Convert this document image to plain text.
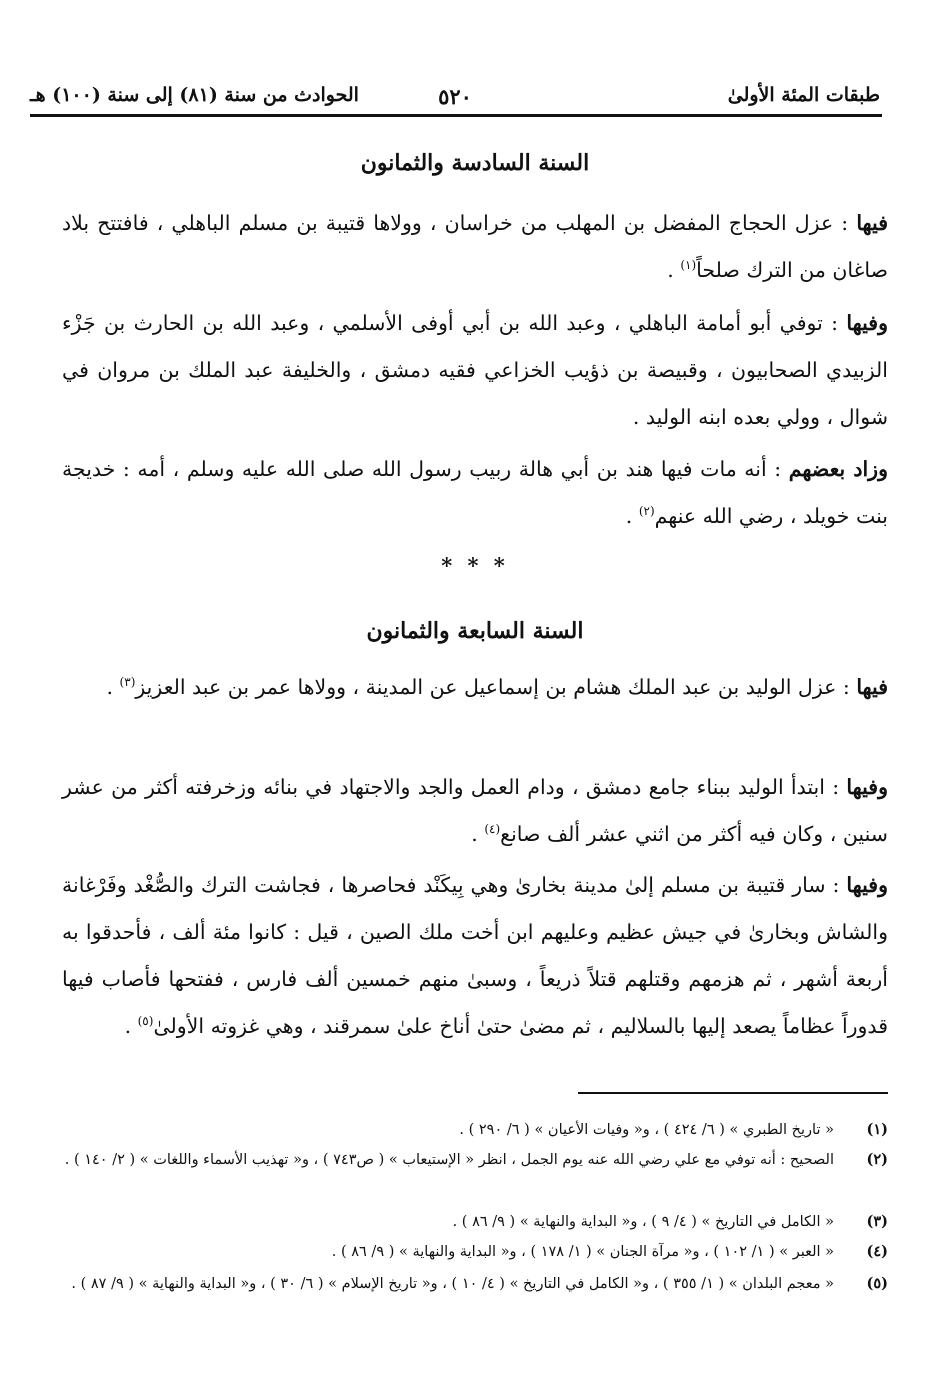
طبقات المئة الأولىٰ
٥٢٠
الحوادث من سنة (٨١) إلى سنة (١٠٠) هـ
السنة السادسة والثمانون
فيها : عزل الحجاج المفضل بن المهلب من خراسان ، وولاها قتيبة بن مسلم الباهلي ، فافتتح بلاد صاغان من الترك صلحاً$^{(١)}$ .
وفيها : توفي أبو أمامة الباهلي ، وعبد الله بن أبي أوفى الأسلمي ، وعبد الله بن الحارث بن جَزْء الزبيدي الصحابيون ، وقبيصة بن ذؤيب الخزاعي فقيه دمشق ، والخليفة عبد الملك بن مروان في شوال ، وولي بعده ابنه الوليد .
وزاد بعضهم : أنه مات فيها هند بن أبي هالة ربيب رسول الله صلى الله عليه وسلم ، أمه : خديجة بنت خويلد ، رضي الله عنهم$^{(٢)}$ .
* * *
السنة السابعة والثمانون
فيها : عزل الوليد بن عبد الملك هشام بن إسماعيل عن المدينة ، وولاها عمر بن عبد العزيز$^{(٣)}$ .
وفيها : ابتدأ الوليد ببناء جامع دمشق ، ودام العمل والجد والاجتهاد في بنائه وزخرفته أكثر من عشر سنين ، وكان فيه أكثر من اثني عشر ألف صانع$^{(٤)}$ .
وفيها : سار قتيبة بن مسلم إلىٰ مدينة بخارىٰ وهي بِيكَنْد فحاصرها ، فجاشت الترك والصُّغْد وفَرْغانة والشاش وبخارىٰ في جيش عظيم وعليهم ابن أخت ملك الصين ، قيل : كانوا مئة ألف ، فأحدقوا به أربعة أشهر ، ثم هزمهم وقتلهم قتلاً ذريعاً ، وسبىٰ منهم خمسين ألف فارس ، ففتحها فأصاب فيها قدوراً عظاماً يصعد إليها بالسلاليم ، ثم مضىٰ حتىٰ أناخ علىٰ سمرقند ، وهي غزوته الأولىٰ$^{(٥)}$ .
(١)
« تاريخ الطبري » ( ٦/ ٤٢٤ ) ، و« وفيات الأعيان » ( ٦/ ٢٩٠ ) .
(٢)
الصحيح : أنه توفي مع علي رضي الله عنه يوم الجمل ، انظر « الإستيعاب » ( ص٧٤٣ ) ، و« تهذيب الأسماء واللغات » ( ٢/ ١٤٠ ) .
(٣)
« الكامل في التاريخ » ( ٤/ ٩ ) ، و« البداية والنهاية » ( ٩/ ٨٦ ) .
(٤)
« العبر » ( ١/ ١٠٢ ) ، و« مرآة الجنان » ( ١/ ١٧٨ ) ، و« البداية والنهاية » ( ٩/ ٨٦ ) .
(٥)
« معجم البلدان » ( ١/ ٣٥٥ ) ، و« الكامل في التاريخ » ( ٤/ ١٠ ) ، و« تاريخ الإسلام » ( ٦/ ٣٠ ) ، و« البداية والنهاية » ( ٩/ ٨٧ ) .
